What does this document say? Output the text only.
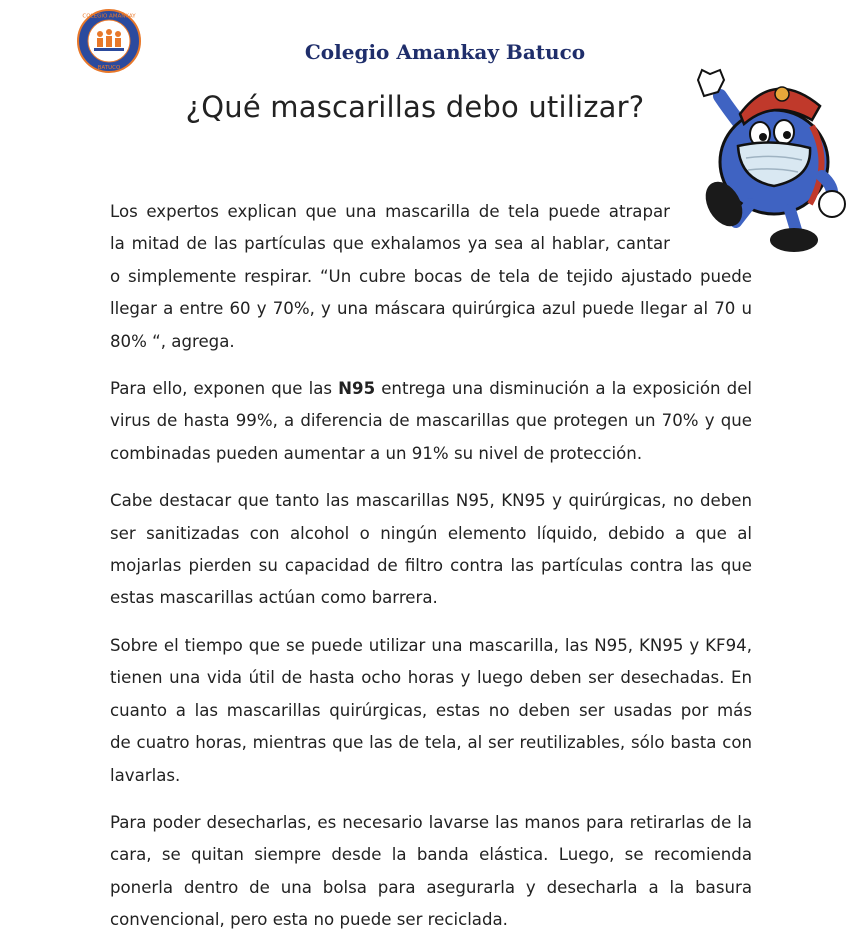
COLEGIO AMANKAY
BATUCO
Colegio Amankay Batuco
¿Qué mascarillas debo utilizar?
Los expertos explican que una mascarilla de tela puede atrapar
la mitad de las partículas que exhalamos ya sea al hablar, cantar
o simplemente respirar. “Un cubre bocas de tela de tejido ajustado puede
llegar a entre 60 y 70%, y una máscara quirúrgica azul puede llegar al 70 u
80% “, agrega.
Para ello, exponen que las N95 entrega una disminución a la exposición del
virus de hasta 99%, a diferencia de mascarillas que protegen un 70% y que
combinadas pueden aumentar a un 91% su nivel de protección.
Cabe destacar que tanto las mascarillas N95, KN95 y quirúrgicas, no deben
ser sanitizadas con alcohol o ningún elemento líquido, debido a que al
mojarlas pierden su capacidad de filtro contra las partículas contra las que
estas mascarillas actúan como barrera.
Sobre el tiempo que se puede utilizar una mascarilla, las N95, KN95 y KF94,
tienen una vida útil de hasta ocho horas y luego deben ser desechadas. En
cuanto a las mascarillas quirúrgicas, estas no deben ser usadas por más
de cuatro horas, mientras que las de tela, al ser reutilizables, sólo basta con
lavarlas.
Para poder desecharlas, es necesario lavarse las manos para retirarlas de la
cara, se quitan siempre desde la banda elástica. Luego, se recomienda
ponerla dentro de una bolsa para asegurarla y desecharla a la basura
convencional, pero esta no puede ser reciclada.
